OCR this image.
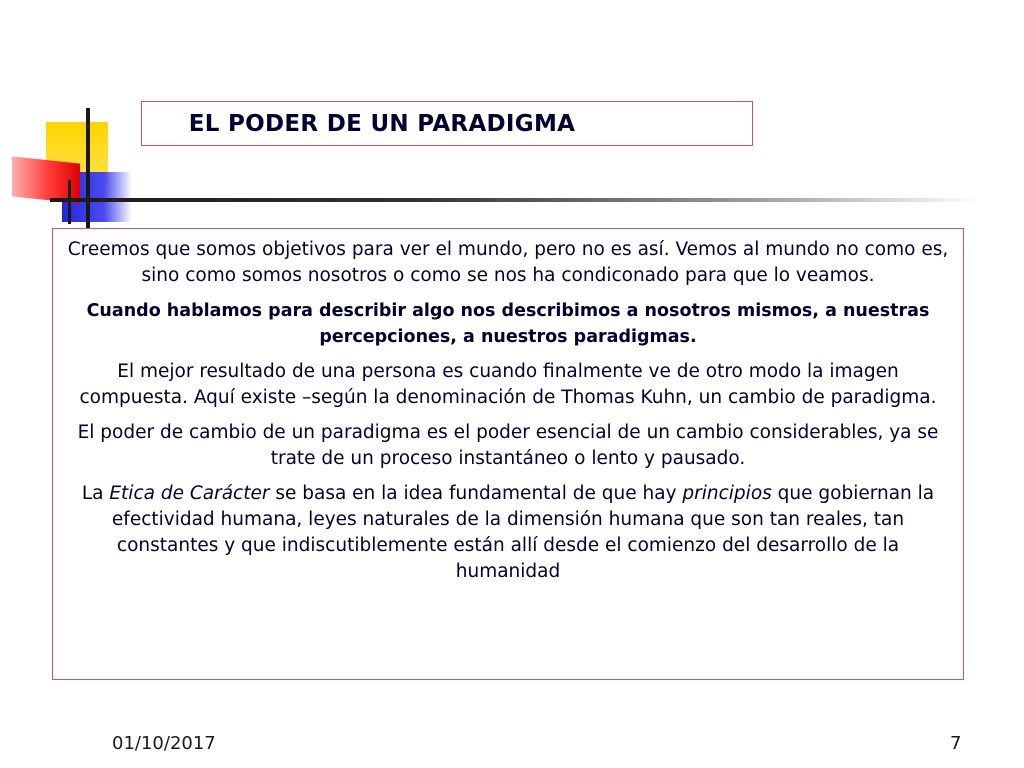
EL PODER DE UN PARADIGMA

Creemos que somos objetivos para ver el mundo, pero no es así. Vemos al mundo no como es, sino como somos nosotros o como se nos ha condiconado para que lo veamos.

Cuando hablamos para describir algo nos describimos a nosotros mismos, a nuestras percepciones, a nuestros paradigmas.

El mejor resultado de una persona es cuando finalmente ve de otro modo la imagen compuesta. Aquí existe –según la denominación de Thomas Kuhn, un cambio de paradigma.

El poder de cambio de un paradigma es el poder esencial de un cambio considerables, ya se trate de un proceso instantáneo o lento y pausado.

La Etica de Carácter se basa en la idea fundamental de que hay principios que gobiernan la efectividad humana, leyes naturales de la dimensión humana que son tan reales, tan constantes y que indiscutiblemente están allí desde el comienzo del desarrollo de la humanidad

01/10/2017	7
